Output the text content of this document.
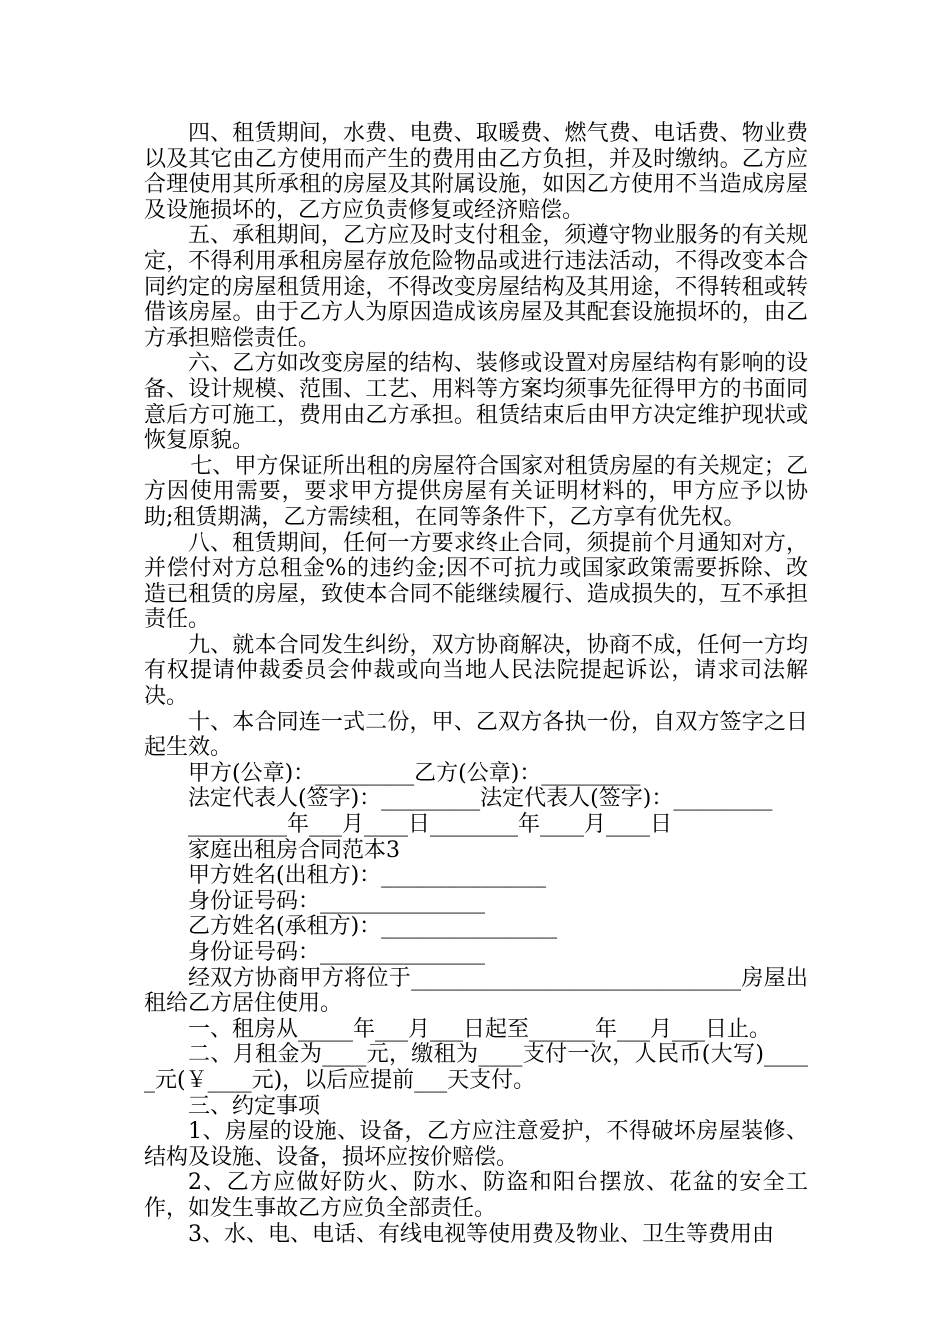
四、租赁期间，水费、电费、取暖费、燃气费、电话费、物业费以及其它由乙方使用而产生的费用由乙方负担，并及时缴纳。乙方应合理使用其所承租的房屋及其附属设施，如因乙方使用不当造成房屋及设施损坏的，乙方应负责修复或经济赔偿。

五、承租期间，乙方应及时支付租金，须遵守物业服务的有关规定，不得利用承租房屋存放危险物品或进行违法活动，不得改变本合同约定的房屋租赁用途，不得改变房屋结构及其用途，不得转租或转借该房屋。由于乙方人为原因造成该房屋及其配套设施损坏的，由乙方承担赔偿责任。

六、乙方如改变房屋的结构、装修或设置对房屋结构有影响的设备、设计规模、范围、工艺、用料等方案均须事先征得甲方的书面同意后方可施工，费用由乙方承担。租赁结束后由甲方决定维护现状或恢复原貌。

七、甲方保证所出租的房屋符合国家对租赁房屋的有关规定；乙方因使用需要，要求甲方提供房屋有关证明材料的，甲方应予以协助;租赁期满，乙方需续租，在同等条件下，乙方享有优先权。

八、租赁期间，任何一方要求终止合同，须提前个月通知对方，并偿付对方总租金%的违约金;因不可抗力或国家政策需要拆除、改造已租赁的房屋，致使本合同不能继续履行、造成损失的，互不承担责任。

九、就本合同发生纠纷，双方协商解决，协商不成，任何一方均有权提请仲裁委员会仲裁或向当地人民法院提起诉讼，请求司法解决。

十、本合同连一式二份，甲、乙双方各执一份，自双方签字之日起生效。

甲方(公章)：_________乙方(公章)：_________

法定代表人(签字)：_________法定代表人(签字)：_________

_________年___月____日________年____月____日

家庭出租房合同范本3

甲方姓名(出租方)：_______________

身份证号码：_______________

乙方姓名(承租方)：________________

身份证号码：_______________

经双方协商甲方将位于______________________________房屋出租给乙方居住使用。

一、租房从_____年___月___日起至______年___月___日止。

二、月租金为____元，缴租为____支付一次，人民币(大写)_____元(￥____元)，以后应提前___天支付。

三、约定事项

1、房屋的设施、设备，乙方应注意爱护，不得破坏房屋装修、结构及设施、设备，损坏应按价赔偿。

2、乙方应做好防火、防水、防盗和阳台摆放、花盆的安全工作，如发生事故乙方应负全部责任。

3、水、电、电话、有线电视等使用费及物业、卫生等费用由
